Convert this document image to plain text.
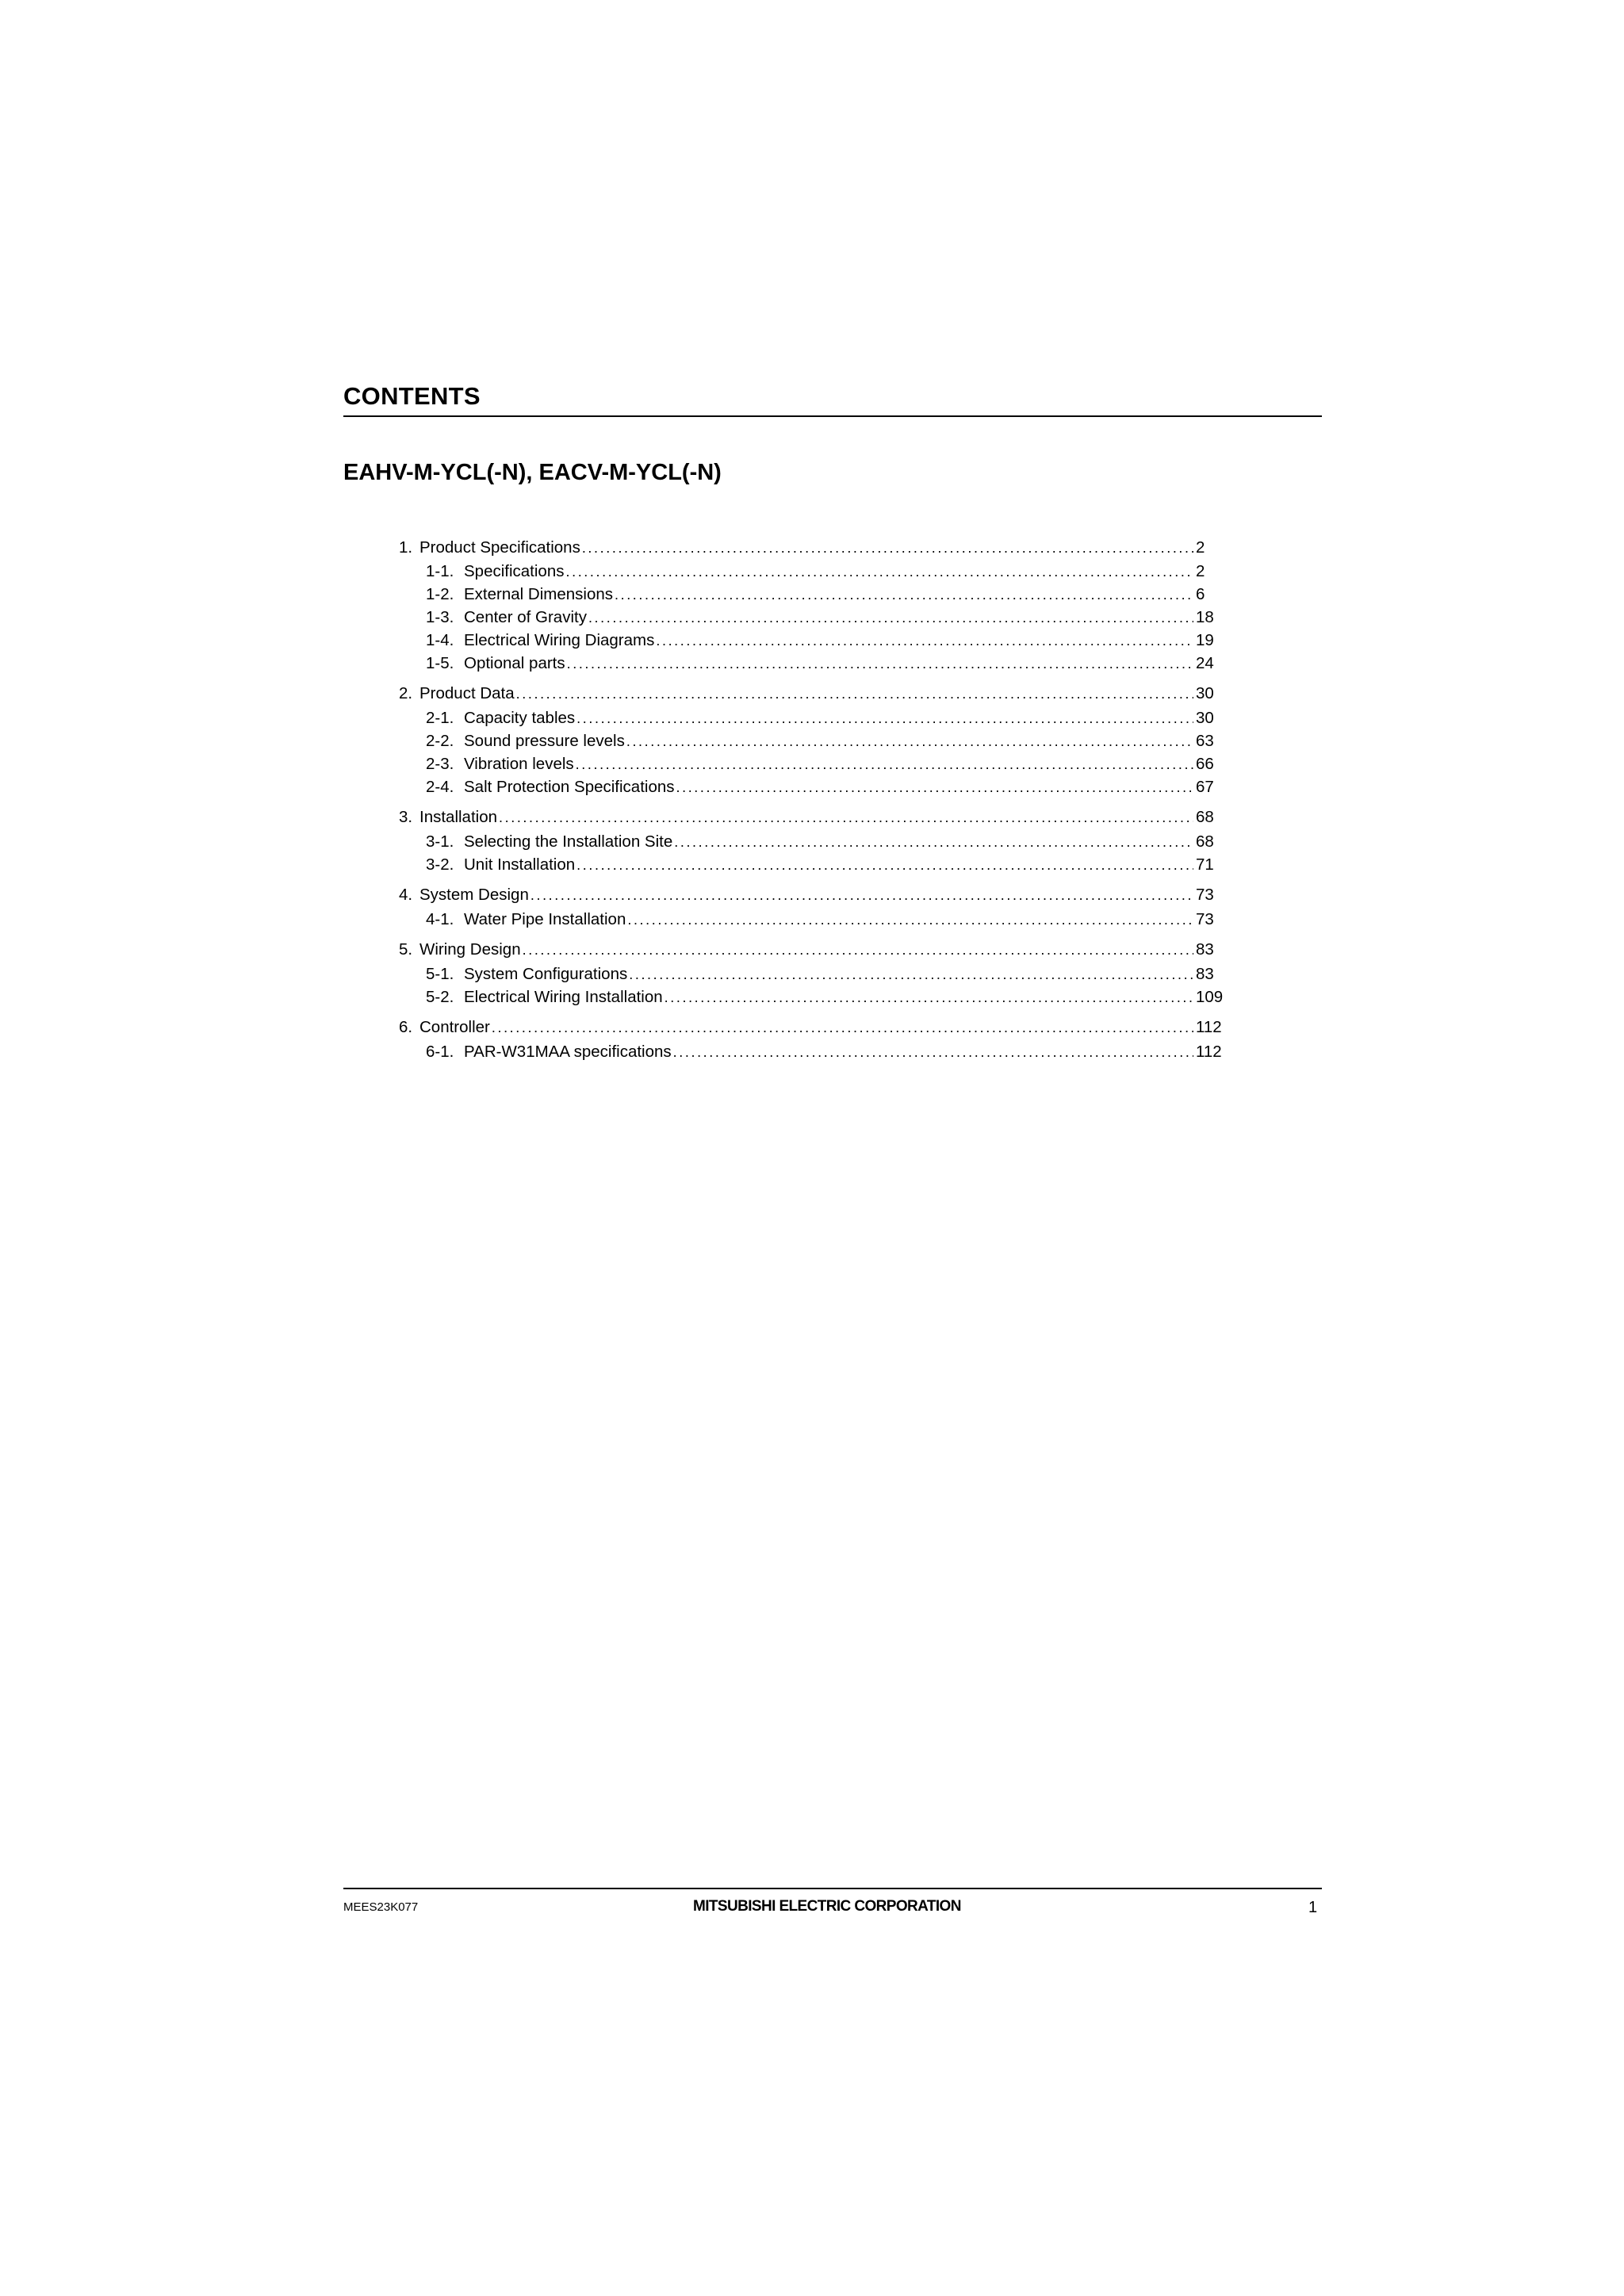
CONTENTS
EAHV-M-YCL(-N), EACV-M-YCL(-N)
1. Product Specifications . . .	2
1-1. Specifications . . .	2
1-2. External Dimensions . . .	6
1-3. Center of Gravity . . .	18
1-4. Electrical Wiring Diagrams . . .	19
1-5. Optional parts . . .	24
2. Product Data . . .	30
2-1. Capacity tables . . .	30
2-2. Sound pressure levels . . .	63
2-3. Vibration levels . . .	66
2-4. Salt Protection Specifications . . .	67
3. Installation . . .	68
3-1. Selecting the Installation Site . . .	68
3-2. Unit Installation . . .	71
4. System Design . . .	73
4-1. Water Pipe Installation . . .	73
5. Wiring Design . . .	83
5-1. System Configurations . . .	83
5-2. Electrical Wiring Installation . . .	109
6. Controller . . .	112
6-1. PAR-W31MAA specifications . . .	112
MEES23K077	MITSUBISHI ELECTRIC CORPORATION	1
